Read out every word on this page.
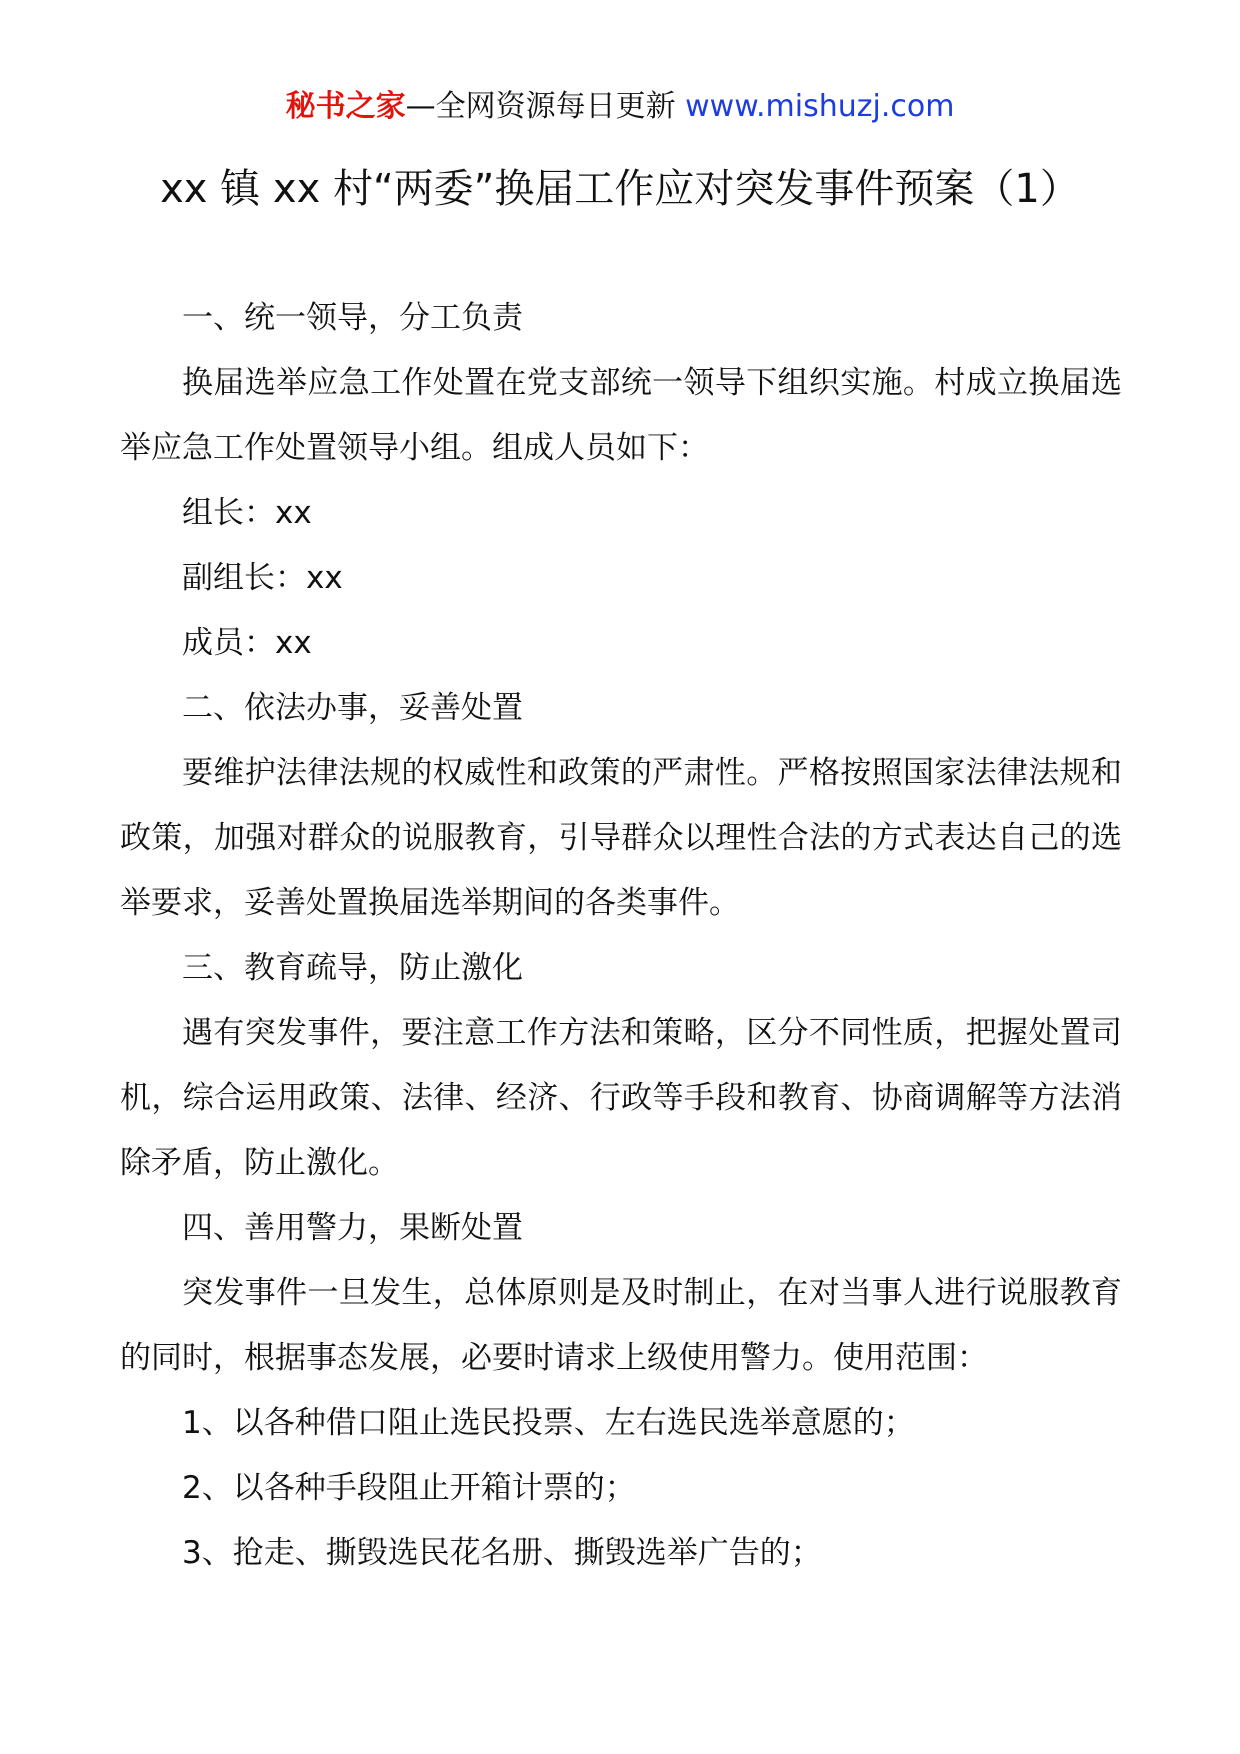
秘书之家—全网资源每日更新 www.mishuzj.com
xx 镇 xx 村“两委”换届工作应对突发事件预案（1）

一、统一领导，分工负责

换届选举应急工作处置在党支部统一领导下组织实施。村成立换届选举应急工作处置领导小组。组成人员如下：

组长：xx

副组长：xx

成员：xx

二、依法办事，妥善处置

要维护法律法规的权威性和政策的严肃性。严格按照国家法律法规和政策，加强对群众的说服教育，引导群众以理性合法的方式表达自己的选举要求，妥善处置换届选举期间的各类事件。

三、教育疏导，防止激化

遇有突发事件，要注意工作方法和策略，区分不同性质，把握处置司机，综合运用政策、法律、经济、行政等手段和教育、协商调解等方法消除矛盾，防止激化。

四、善用警力，果断处置

突发事件一旦发生，总体原则是及时制止，在对当事人进行说服教育的同时，根据事态发展，必要时请求上级使用警力。使用范围：

1、以各种借口阻止选民投票、左右选民选举意愿的；

2、以各种手段阻止开箱计票的；

3、抢走、撕毁选民花名册、撕毁选举广告的；
